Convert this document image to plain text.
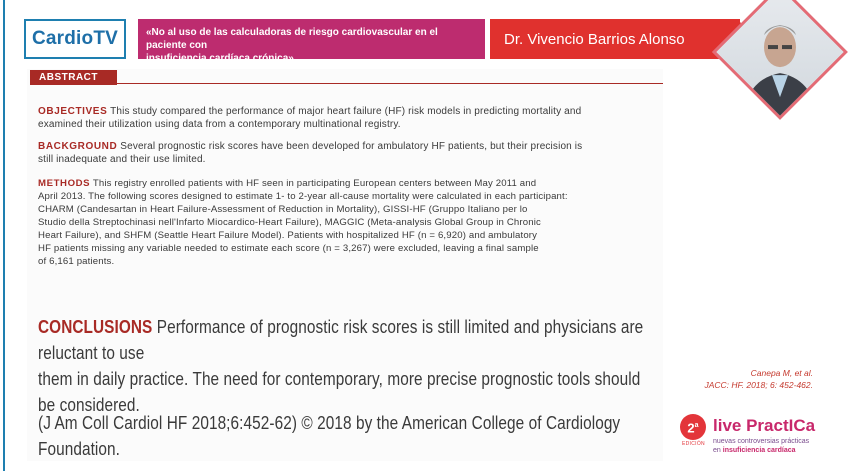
CardioTV	«No al uso de las calculadoras de riesgo cardiovascular en el paciente con
insuficiencia cardíaca crónica»
Dr. Vivencio Barrios Alonso
ABSTRACT
OBJECTIVES This study compared the performance of major heart failure (HF) risk models in predicting mortality and
examined their utilization using data from a contemporary multinational registry.
BACKGROUND Several prognostic risk scores have been developed for ambulatory HF patients, but their precision is
still inadequate and their use limited.
METHODS This registry enrolled patients with HF seen in participating European centers between May 2011 and
April 2013. The following scores designed to estimate 1- to 2-year all-cause mortality were calculated in each participant:
CHARM (Candesartan in Heart Failure-Assessment of Reduction in Mortality), GISSI-HF (Gruppo Italiano per lo
Studio della Streptochinasi nell'Infarto Miocardico-Heart Failure), MAGGIC (Meta-analysis Global Group in Chronic
Heart Failure), and SHFM (Seattle Heart Failure Model). Patients with hospitalized HF (n = 6,920) and ambulatory
HF patients missing any variable needed to estimate each score (n = 3,267) were excluded, leaving a final sample
of 6,161 patients.
CONCLUSIONS Performance of prognostic risk scores is still limited and physicians are reluctant to use
them in daily practice. The need for contemporary, more precise prognostic tools should be considered.
(J Am Coll Cardiol HF 2018;6:452-62) © 2018 by the American College of Cardiology Foundation.
Canepa M, et al.
JACC: HF. 2018; 6: 452-462.
2$^a$
EDICIÓN
live PractICa
nuevas controversias prácticas
en insuficiencia cardíaca
